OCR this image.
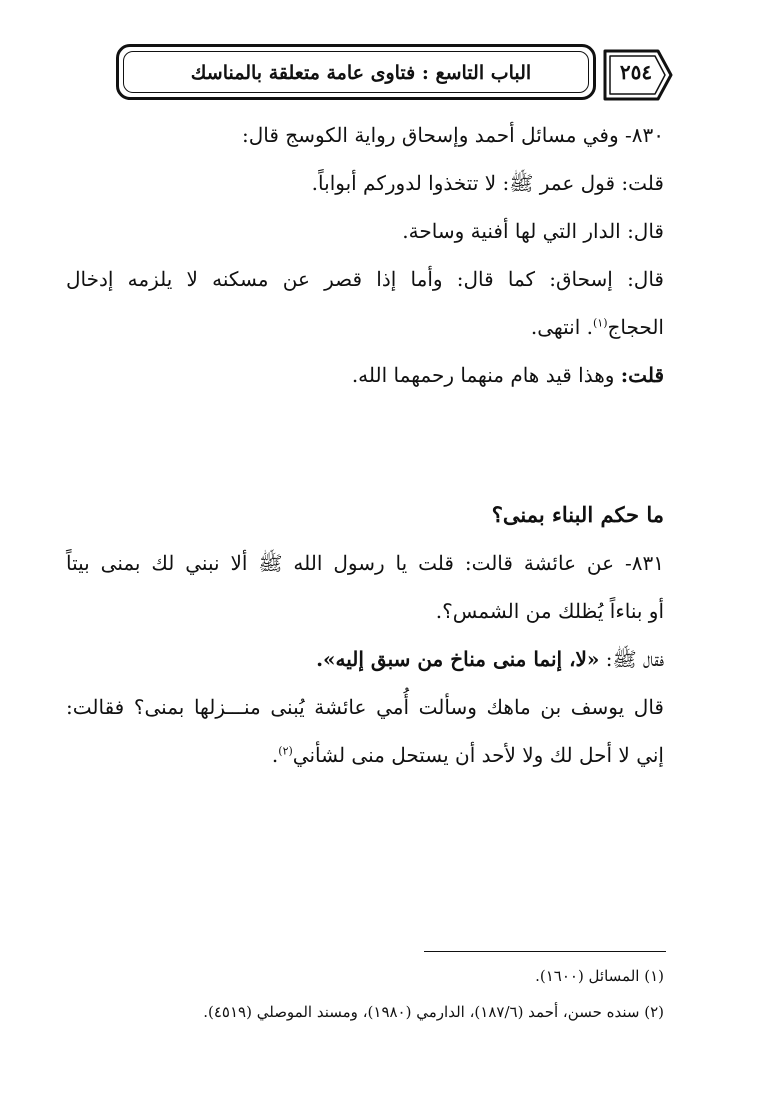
الباب التاسع : فتاوى عامة متعلقة بالمناسك	٢٥٤
٨٣٠- وفي مسائل أحمد وإسحاق رواية الكوسج قال:
قلت: قول عمر ﷺ: لا تتخذوا لدوركم أبواباً.
قال: الدار التي لها أفنية وساحة.
قال: إسحاق: كما قال: وأما إذا قصر عن مسكنه لا يلزمه إدخال
الحجاج$^{(١)}$. انتهى.
قلت: وهذا قيد هام منهما رحمهما الله.
ما حكم البناء بمنى؟
٨٣١- عن عائشة قالت: قلت يا رسول الله ﷺ ألا نبني لك بمنى بيتاً
أو بناءاً يُظلك من الشمس؟.
فقال ﷺ: «لا، إنما منى مناخ من سبق إليه».
قال يوسف بن ماهك وسألت أُمي عائشة يُبنى منـــزلها بمنى؟ فقالت:
إني لا أحل لك ولا لأحد أن يستحل منى لشأني$^{(٢)}$.
(١) المسائل (١٦٠٠).
(٢) سنده حسن، أحمد (١٨٧/٦)، الدارمي (١٩٨٠)، ومسند الموصلي (٤٥١٩).
